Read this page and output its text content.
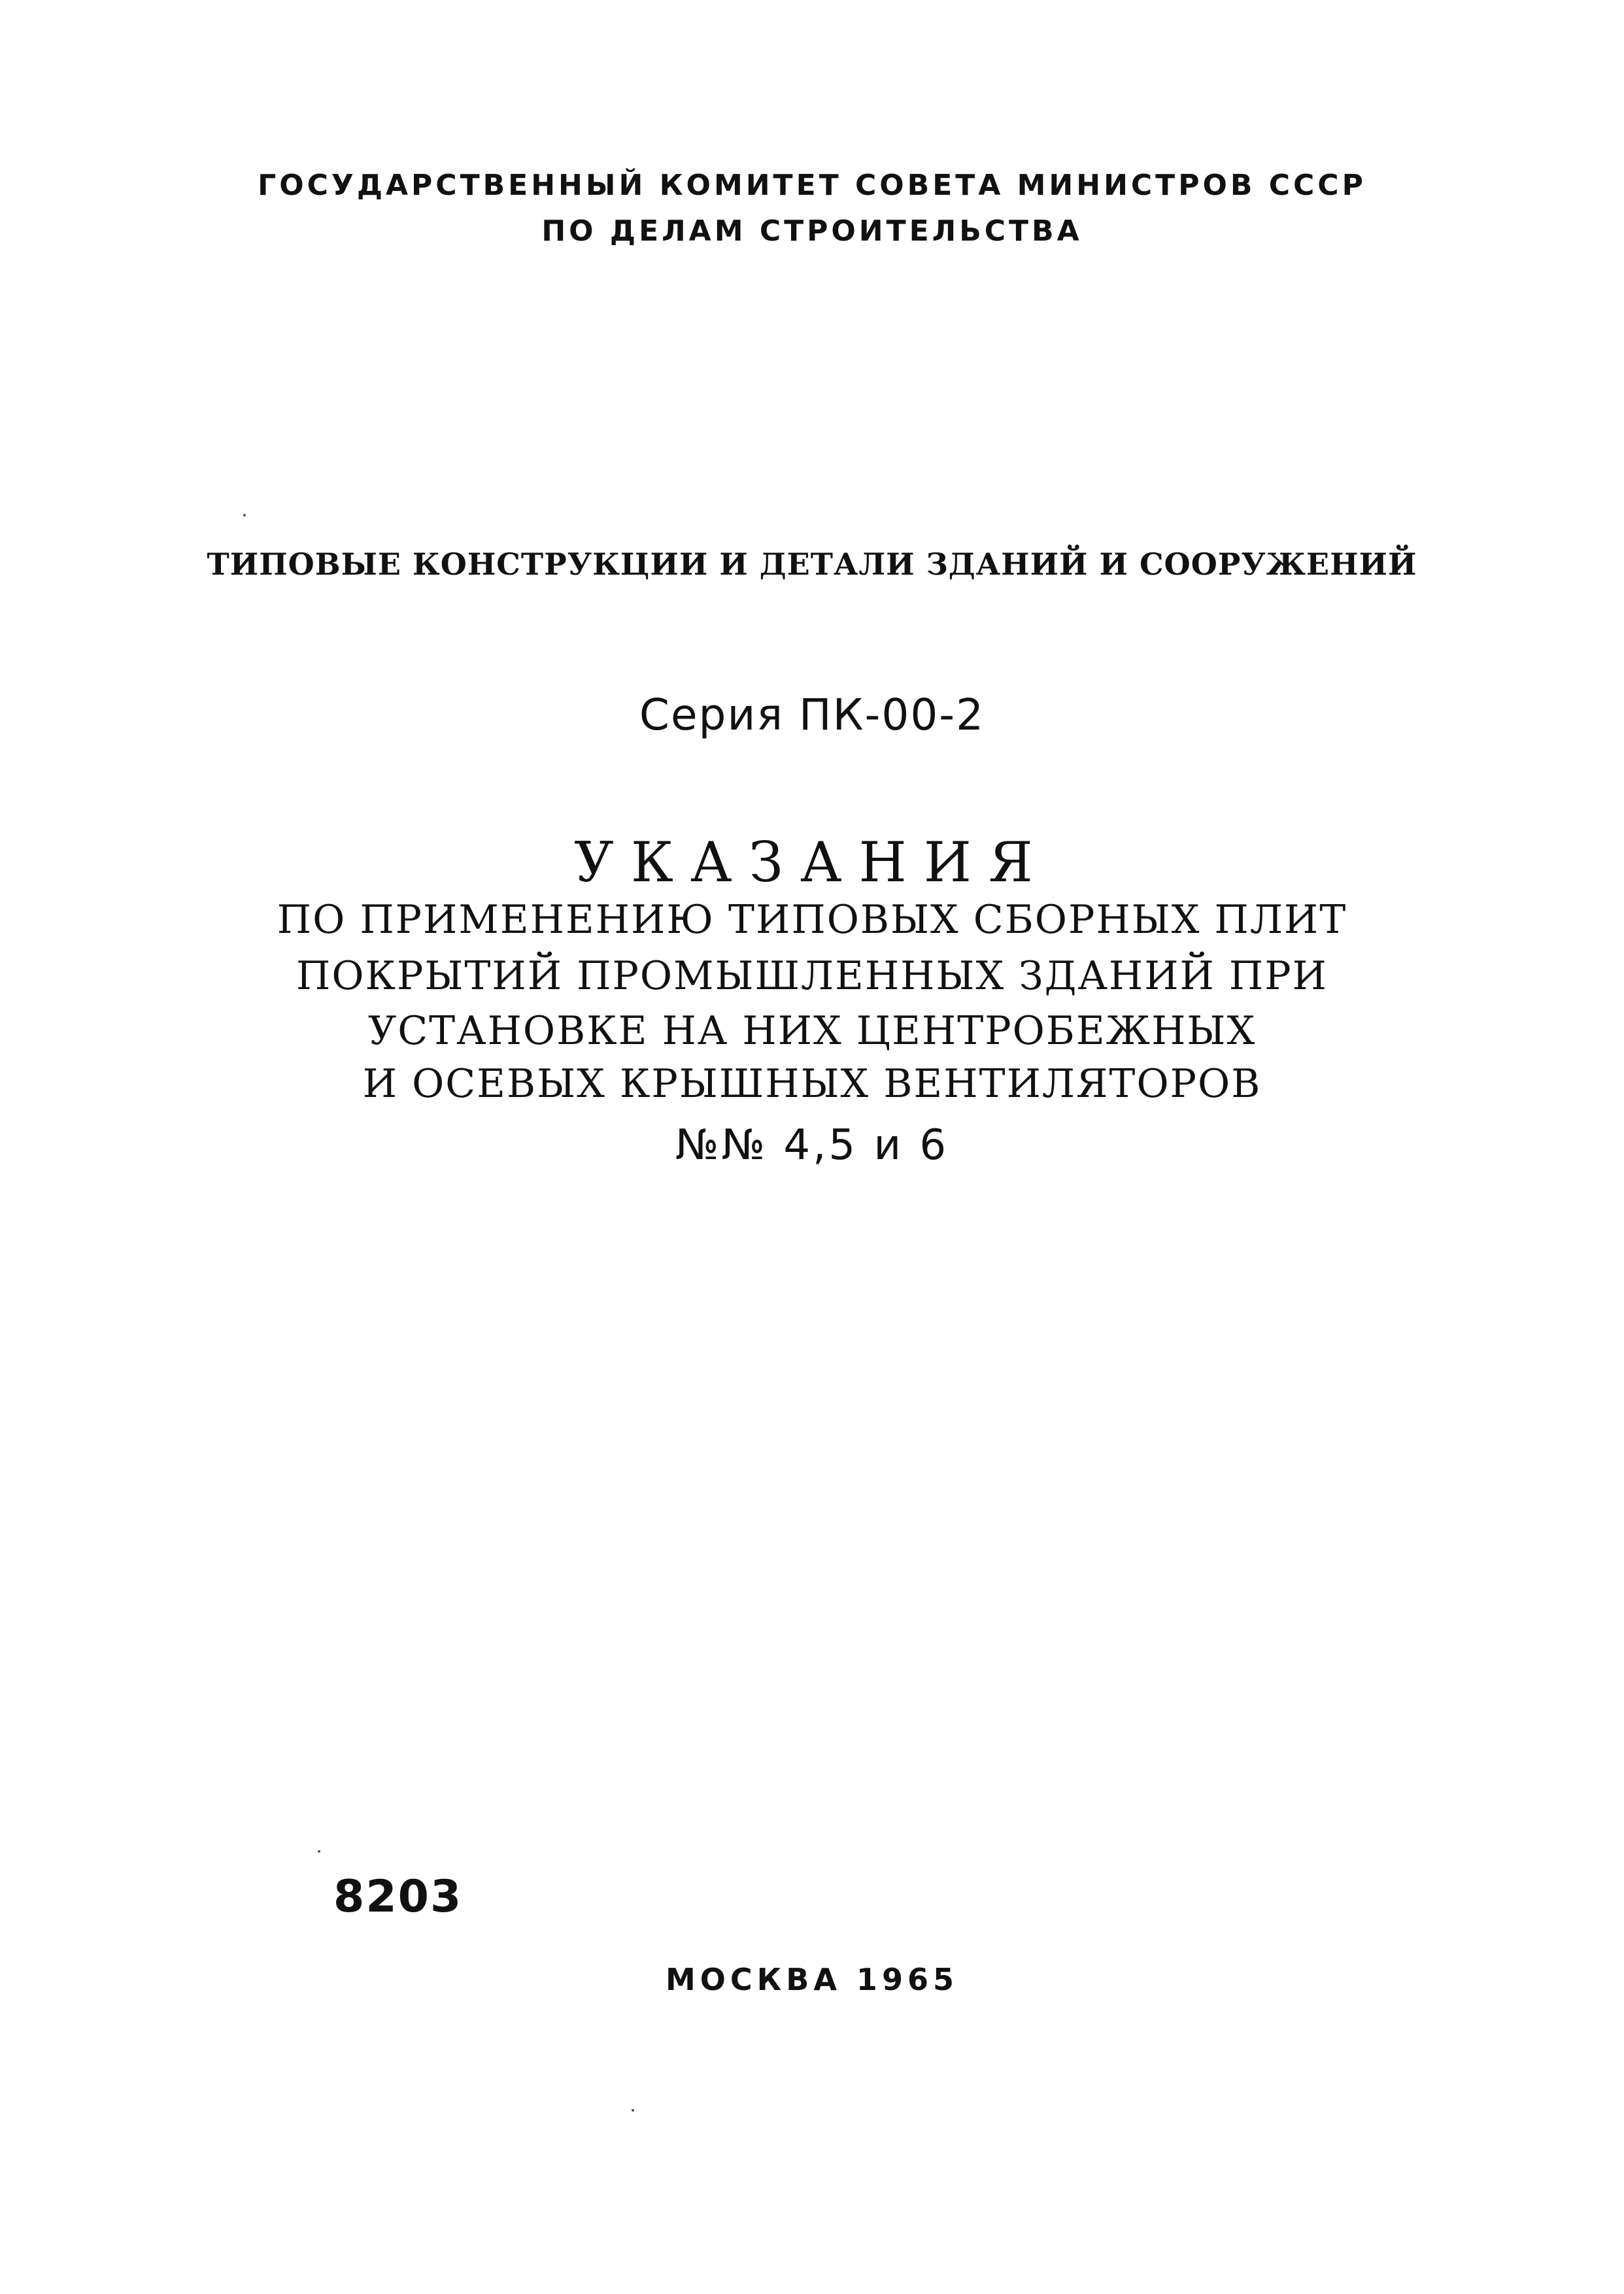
ГОСУДАРСТВЕННЫЙ КОМИТЕТ СОВЕТА МИНИСТРОВ СССР

ПО ДЕЛАМ СТРОИТЕЛЬСТВА

ТИПОВЫЕ КОНСТРУКЦИИ И ДЕТАЛИ ЗДАНИЙ И СООРУЖЕНИЙ

Серия ПК-00-2

УКАЗАНИЯ

ПО ПРИМЕНЕНИЮ ТИПОВЫХ СБОРНЫХ ПЛИТ

ПОКРЫТИЙ ПРОМЫШЛЕННЫХ ЗДАНИЙ ПРИ

УСТАНОВКЕ НА НИХ ЦЕНТРОБЕЖНЫХ

И ОСЕВЫХ КРЫШНЫХ ВЕНТИЛЯТОРОВ

№№ 4,5 и 6

8203

МОСКВА 1965
